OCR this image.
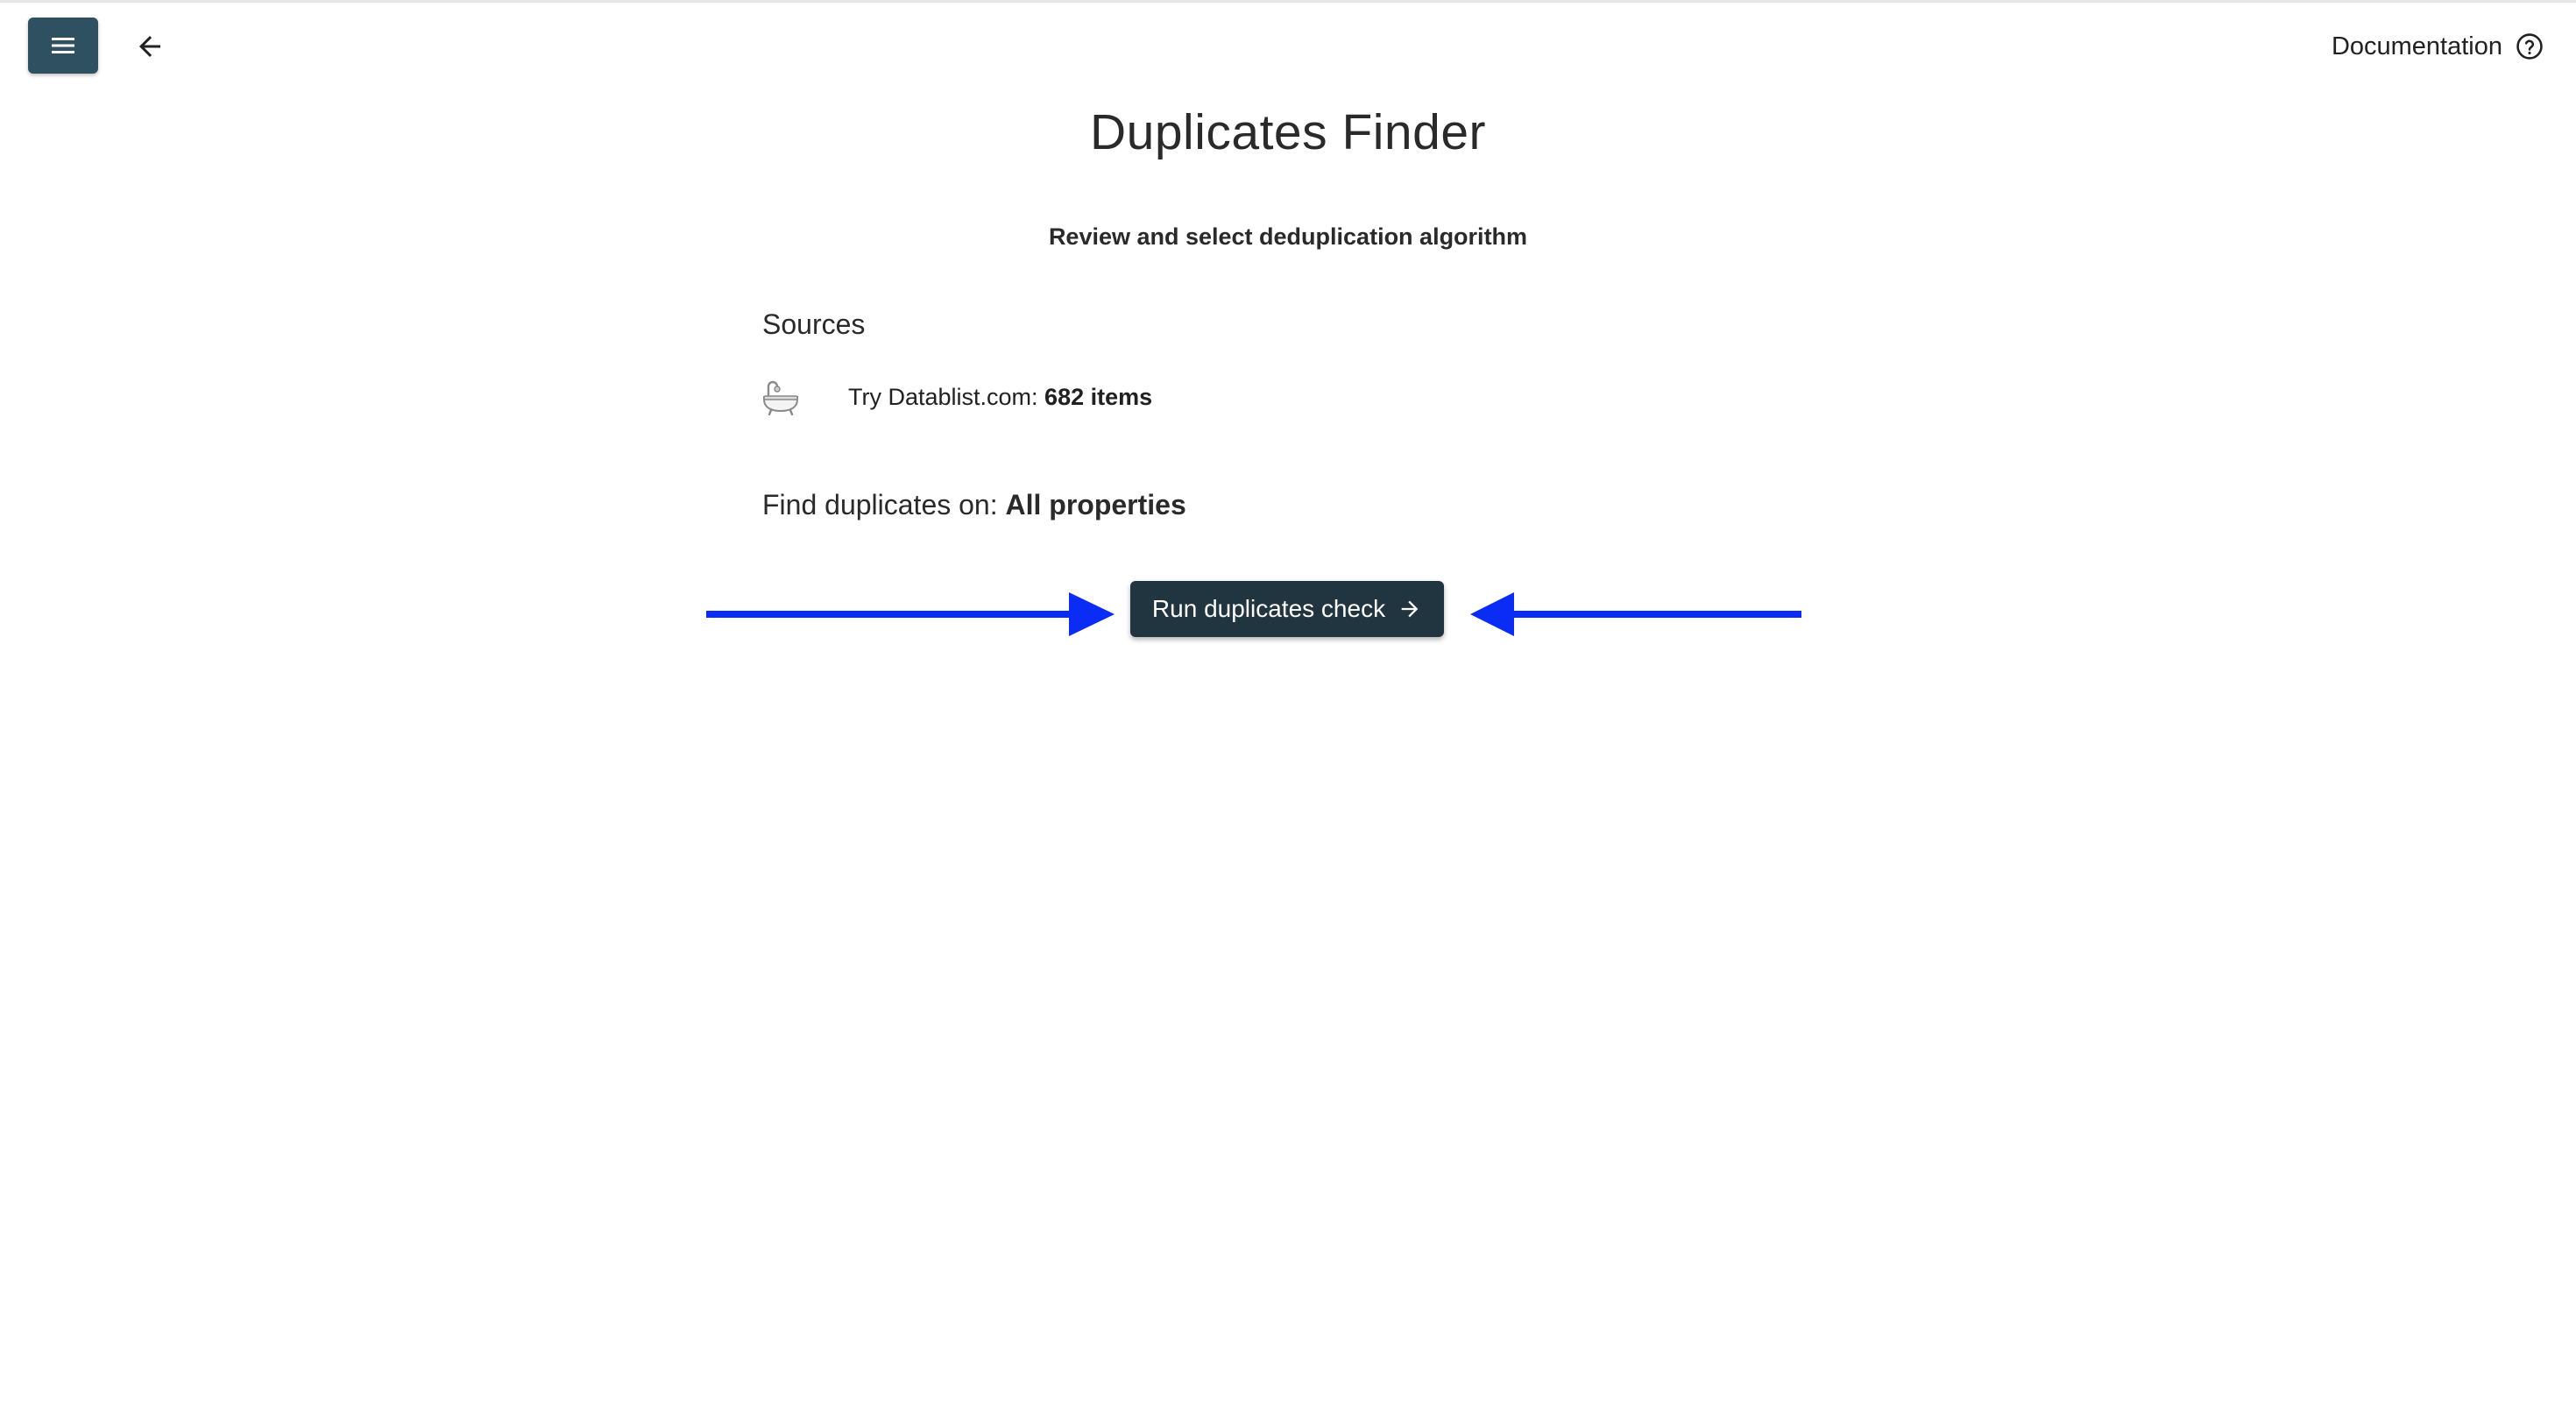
Documentation
Duplicates Finder
Review and select deduplication algorithm
Sources
Try Datablist.com: 682 items
Find duplicates on: All properties
Run duplicates check
